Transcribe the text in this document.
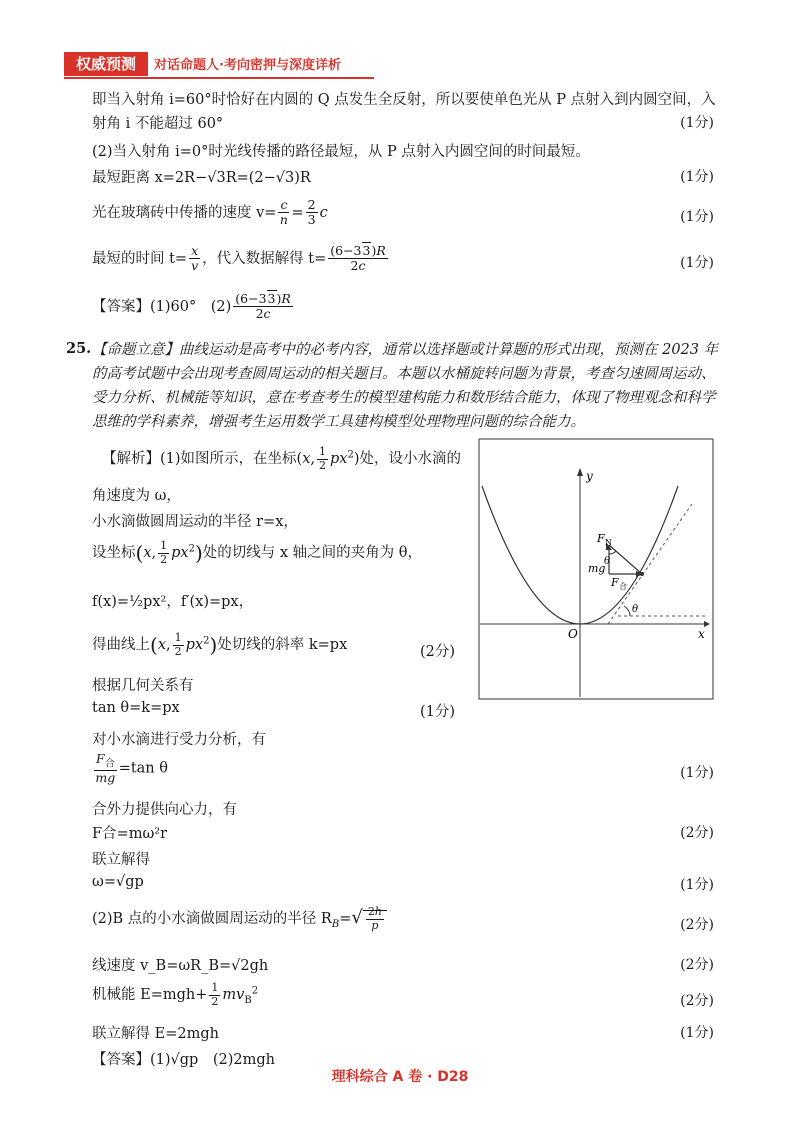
权威预测	对话命题人·考向密押与深度详析
即当入射角 i=60°时恰好在内圆的 Q 点发生全反射，所以要使单色光从 P 点射入到内圆空间，入
射角 i 不能超过 60°	(1分)
(2)当入射角 i=0°时光线传播的路径最短，从 P 点射入内圆空间的时间最短。
最短距离 x=2R−√3R=(2−√3)R	(1分)
光在玻璃砖中传播的速度 $v= \frac{c}{n} = \frac{2}{3}$ c	(1分)
最短的时间 $t= \frac{x}{v}$ ，代入数据解得 $t= \frac{(6-33)R}{2c}$	(1分)
【答案】(1)60°　$(2) \frac{(6-33)R}{2c}$
25. 【命题立意】曲线运动是高考中的必考内容，通常以选择题或计算题的形式出现，预测在 2023 年的高考试题中会出现考查圆周运动的相关题目。本题以水桶旋转问题为背景，考查匀速圆周运动、受力分析、机械能等知识，意在考查考生的模型建构能力和数形结合能力，体现了物理观念和科学思维的学科素养，增强考生运用数学工具建构模型处理物理问题的综合能力。
【解析】(1)如图所示，在坐标(x, $\frac{1}{2} px^2$)处，设小水滴的
角速度为 ω，
小水滴做圆周运动的半径 r=x，
设坐标(x, $\frac{1}{2} px^2$)处的切线与 x 轴之间的夹角为 θ，
f(x)=½px²，f′(x)=px，
得曲线上(x, $\frac{1}{2} px^2$)处切线的斜率 k=px	(2分)
根据几何关系有
tan θ=k=px	(1分)
对小水滴进行受力分析，有
$\frac{F_合}{mg} =\tan$ θ	(1分)
合外力提供向心力，有
F合=mω²r	(2分)
联立解得
ω=√gp	(1分)
(2)B 点的小水滴做圆周运动的半径 $R_B=√ \frac{2h}{p}$	(2分)
线速度 v_B=ωR_B=√2gh	(2分)
机械能 $E=mgh+ \frac{1}{2} mv_B^2$
(2分)
联立解得 E=2mgh	(1分)
【答案】(1)√gp　(2)2mgh
y
x
O
F N
θ
mg
F 合
θ
理科综合 A 卷 · D28
